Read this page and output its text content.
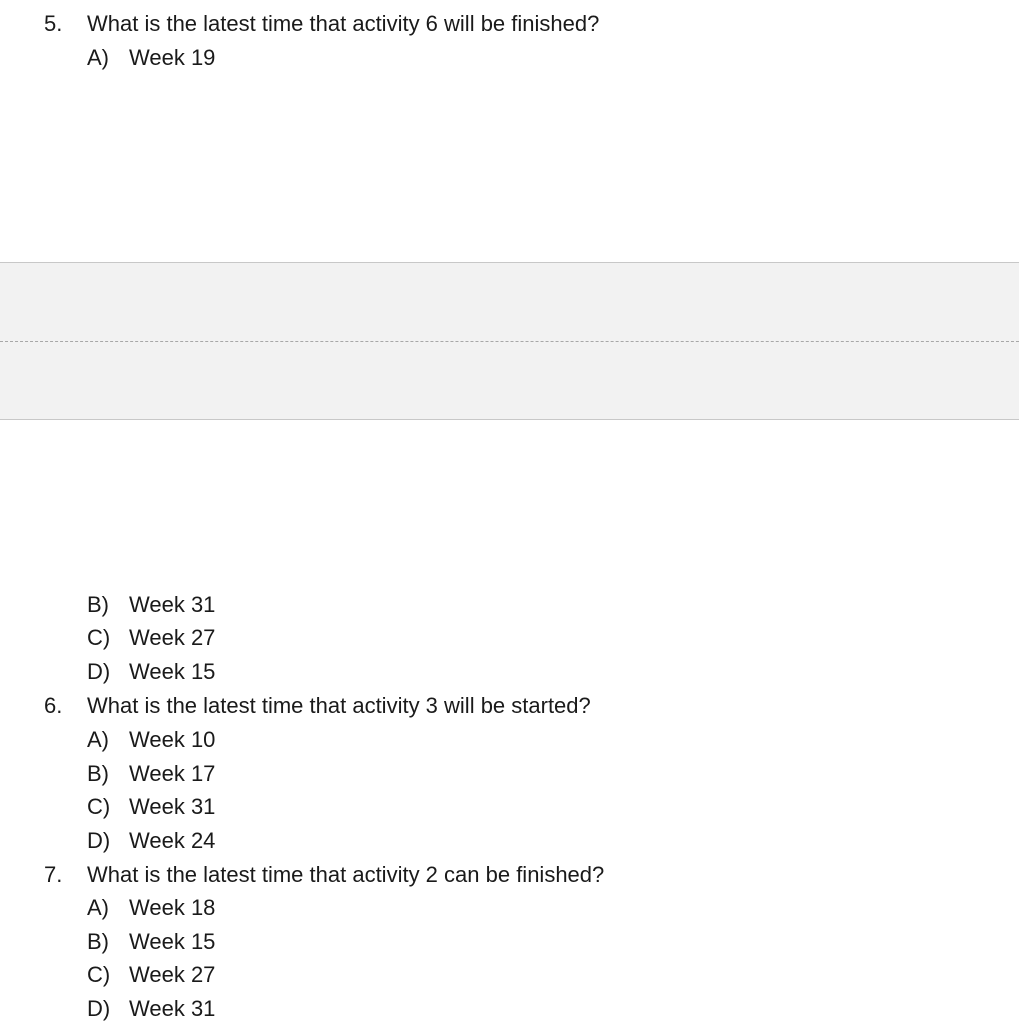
5. What is the latest time that activity 6 will be finished?
A) Week 19
B) Week 31
C) Week 27
D) Week 15
6. What is the latest time that activity 3 will be started?
A) Week 10
B) Week 17
C) Week 31
D) Week 24
7. What is the latest time that activity 2 can be finished?
A) Week 18
B) Week 15
C) Week 27
D) Week 31
